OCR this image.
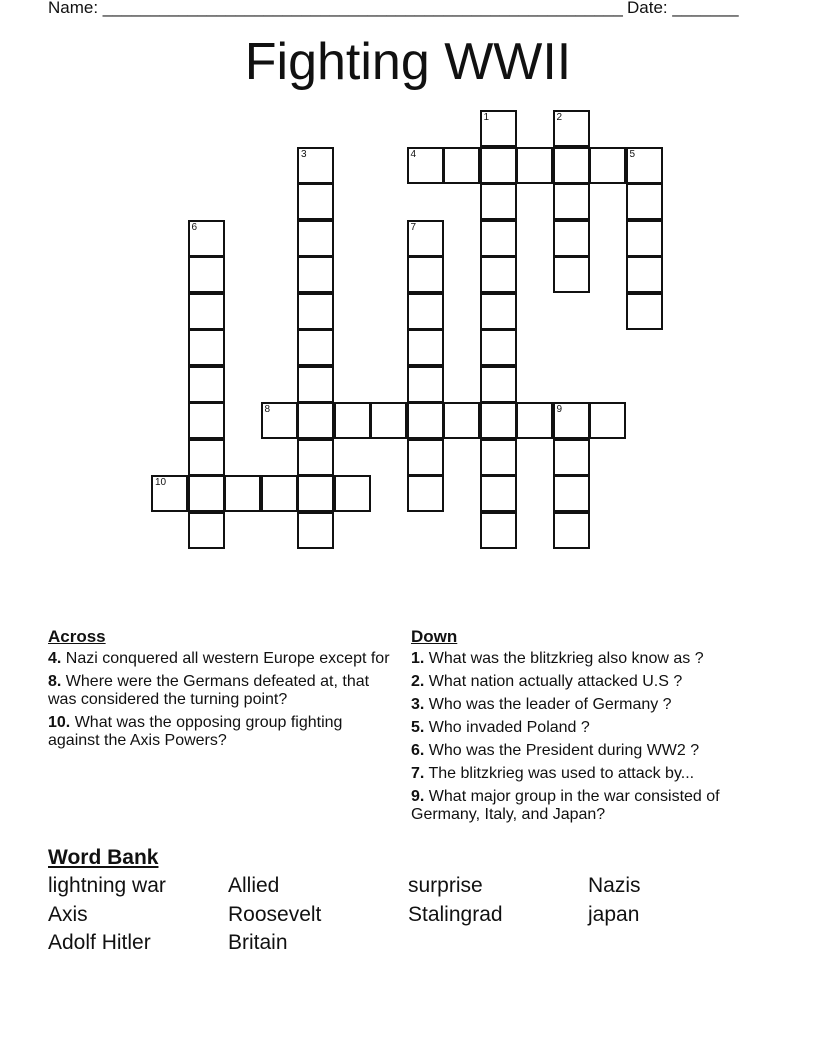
Name: _______________________________________________________ Date: _______
Fighting WWII
1	2
3	4	5
6	7
8	9
10
Across
4. Nazi conquered all western Europe except for
8. Where were the Germans defeated at, that was considered the turning point?
10. What was the opposing group fighting against the Axis Powers?
Down
1. What was the blitzkrieg also know as ?
2. What nation actually attacked U.S ?
3. Who was the leader of Germany ?
5. Who invaded Poland ?
6. Who was the President during WW2 ?
7. The blitzkrieg was used to attack by...
9. What major group in the war consisted of Germany, Italy, and Japan?
Word Bank
lightning war	Allied	surprise	Nazis
Axis	Roosevelt	Stalingrad	japan
Adolf Hitler	Britain
